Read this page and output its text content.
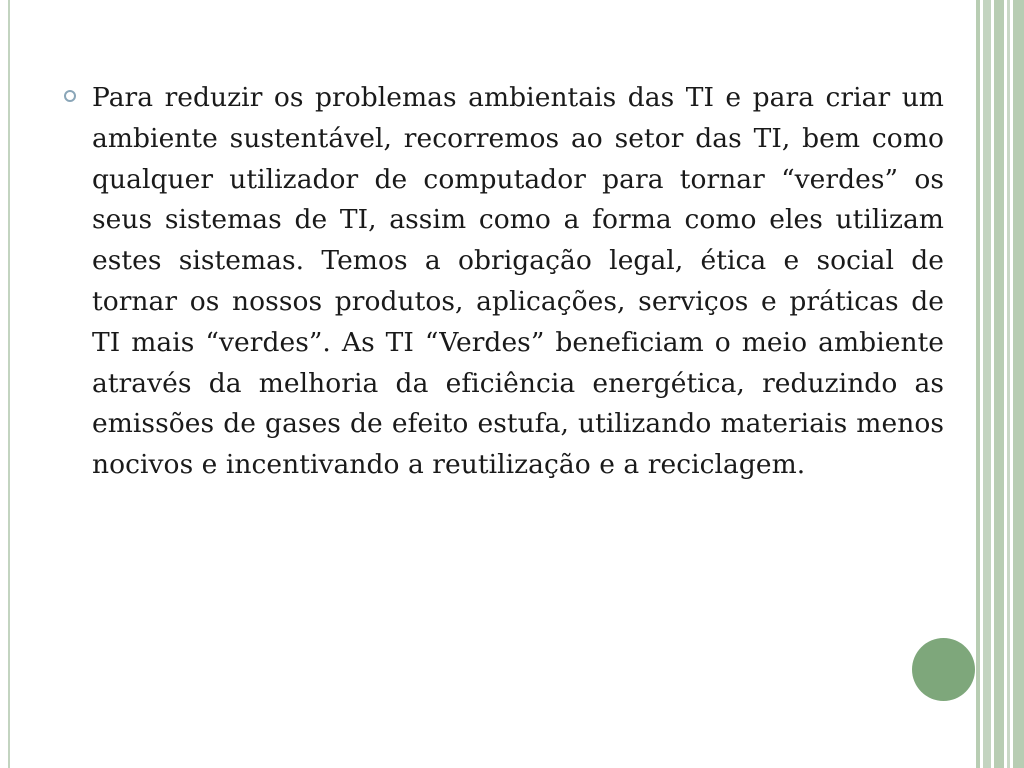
Para reduzir os problemas ambientais das TI e para criar um ambiente sustentável, recorremos ao setor das TI, bem como qualquer utilizador de computador para tornar “verdes” os seus sistemas de TI, assim como a forma como eles utilizam estes sistemas. Temos a obrigação legal, ética e social de tornar os nossos produtos, aplicações, serviços e práticas de TI mais “verdes”. As TI “Verdes” beneficiam o meio ambiente através da melhoria da eficiência energética, reduzindo as emissões de gases de efeito estufa, utilizando materiais menos nocivos e incentivando a reutilização e a reciclagem.
